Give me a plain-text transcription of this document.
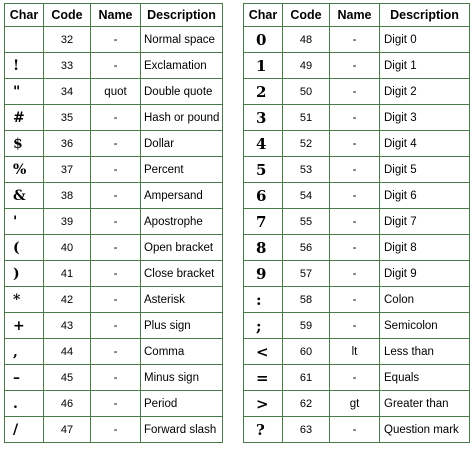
Char	Code	Name	Description
	32	-	Normal space
!	33	-	Exclamation
"	34	quot	Double quote
#	35	-	Hash or pound
$	36	-	Dollar
%	37	-	Percent
&	38	-	Ampersand
'	39	-	Apostrophe
(	40	-	Open bracket
)	41	-	Close bracket
*	42	-	Asterisk
+	43	-	Plus sign
,	44	-	Comma
–	45	-	Minus sign
.	46	-	Period
/	47	-	Forward slash
Char	Code	Name	Description
0	48	-	Digit 0
1	49	-	Digit 1
2	50	-	Digit 2
3	51	-	Digit 3
4	52	-	Digit 4
5	53	-	Digit 5
6	54	-	Digit 6
7	55	-	Digit 7
8	56	-	Digit 8
9	57	-	Digit 9
:	58	-	Colon
;	59	-	Semicolon
<	60	lt	Less than
=	61	-	Equals
>	62	gt	Greater than
?	63	-	Question mark
